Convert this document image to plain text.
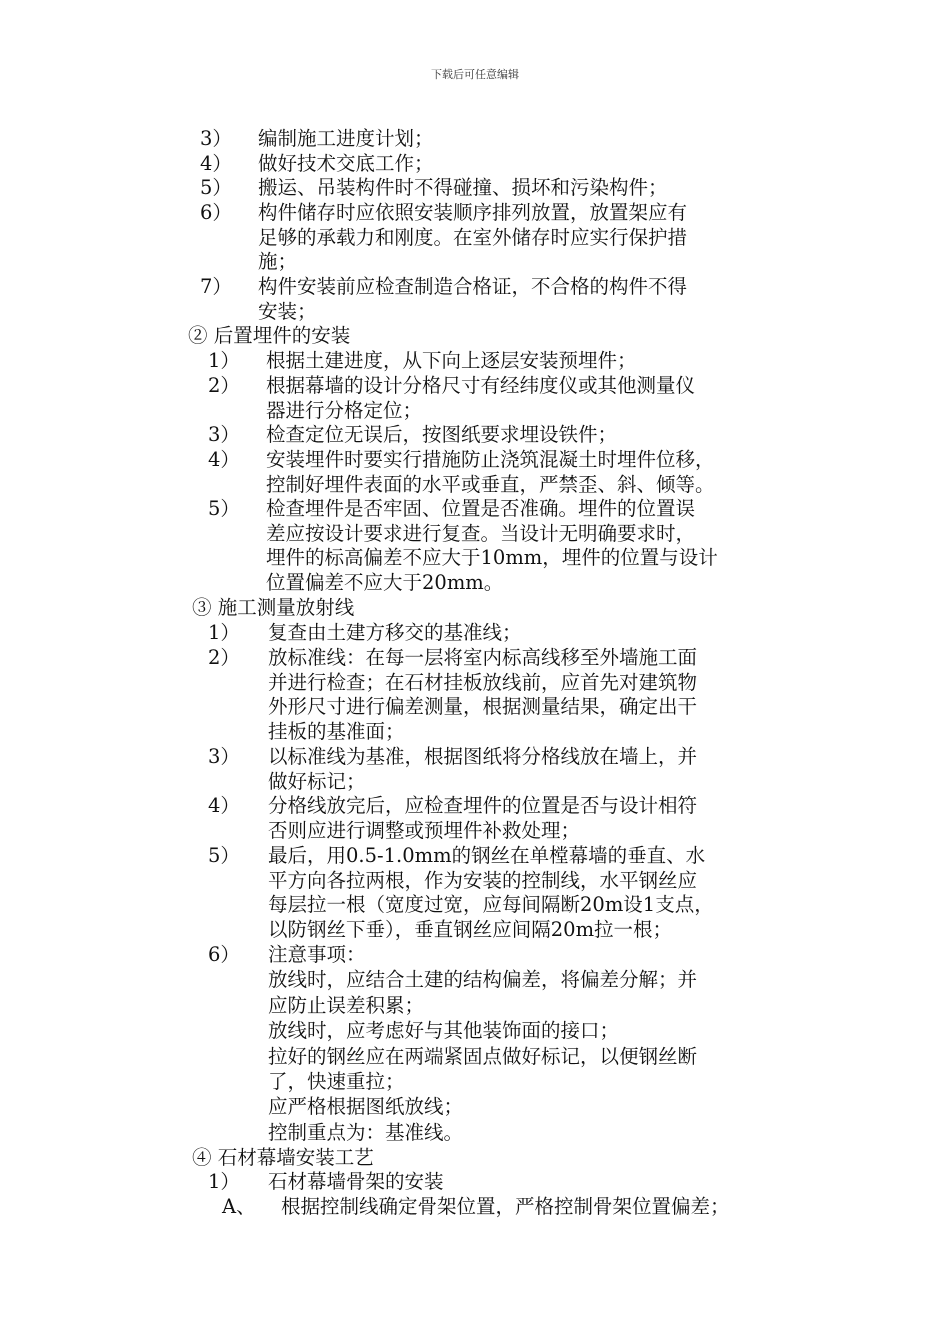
下载后可任意编辑
3） 编制施工进度计划；
4） 做好技术交底工作；
5） 搬运、吊装构件时不得碰撞、损坏和污染构件；
6） 构件储存时应依照安装顺序排列放置，放置架应有
足够的承载力和刚度。在室外储存时应实行保护措
施；
7） 构件安装前应检查制造合格证，不合格的构件不得
安装；
② 后置埋件的安装
1） 根据土建进度，从下向上逐层安装预埋件；
2） 根据幕墙的设计分格尺寸有经纬度仪或其他测量仪
器进行分格定位；
3） 检查定位无误后，按图纸要求埋设铁件；
4） 安装埋件时要实行措施防止浇筑混凝土时埋件位移，
控制好埋件表面的水平或垂直，严禁歪、斜、倾等。
5） 检查埋件是否牢固、位置是否准确。埋件的位置误
差应按设计要求进行复查。当设计无明确要求时，
埋件的标高偏差不应大于10mm，埋件的位置与设计
位置偏差不应大于20mm。
③ 施工测量放射线
1） 复查由土建方移交的基准线；
2） 放标准线：在每一层将室内标高线移至外墙施工面
并进行检查；在石材挂板放线前，应首先对建筑物
外形尺寸进行偏差测量，根据测量结果，确定出干
挂板的基准面；
3） 以标准线为基准，根据图纸将分格线放在墙上，并
做好标记；
4） 分格线放完后，应检查埋件的位置是否与设计相符
否则应进行调整或预埋件补救处理；
5） 最后，用0.5-1.0mm的钢丝在单樘幕墙的垂直、水
平方向各拉两根，作为安装的控制线，水平钢丝应
每层拉一根（宽度过宽，应每间隔断20m设1支点，
以防钢丝下垂），垂直钢丝应间隔20m拉一根；
6） 注意事项：
放线时，应结合土建的结构偏差，将偏差分解；并
应防止误差积累；
放线时，应考虑好与其他装饰面的接口；
拉好的钢丝应在两端紧固点做好标记，以便钢丝断
了，快速重拉；
应严格根据图纸放线；
控制重点为：基准线。
④ 石材幕墙安装工艺
1） 石材幕墙骨架的安装
A、 根据控制线确定骨架位置，严格控制骨架位置偏差；
